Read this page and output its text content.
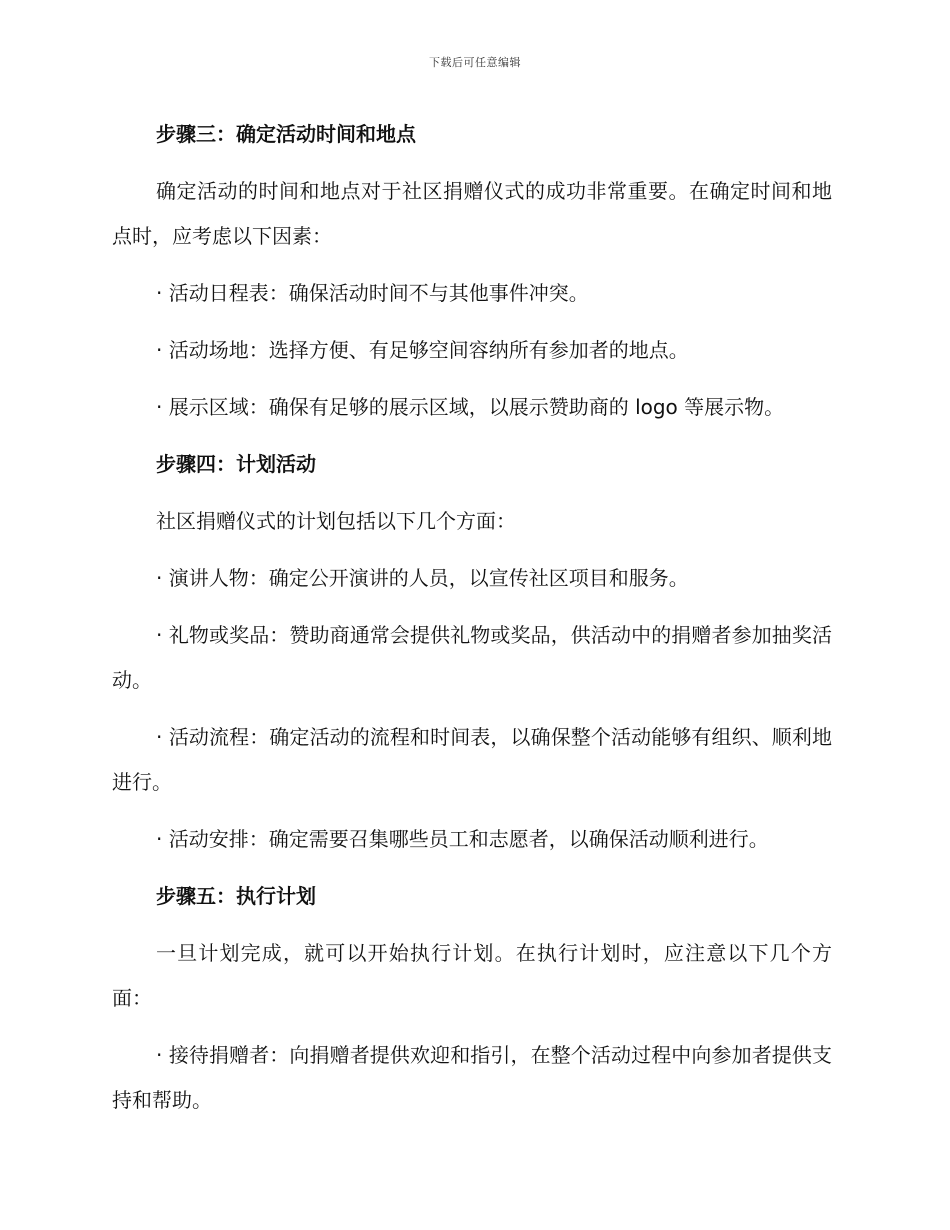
下载后可任意编辑

步骤三：确定活动时间和地点

确定活动的时间和地点对于社区捐赠仪式的成功非常重要。在确定时间和地点时，应考虑以下因素：

· 活动日程表：确保活动时间不与其他事件冲突。

· 活动场地：选择方便、有足够空间容纳所有参加者的地点。

· 展示区域：确保有足够的展示区域，以展示赞助商的 logo 等展示物。

步骤四：计划活动

社区捐赠仪式的计划包括以下几个方面：

· 演讲人物：确定公开演讲的人员，以宣传社区项目和服务。

· 礼物或奖品：赞助商通常会提供礼物或奖品，供活动中的捐赠者参加抽奖活动。

· 活动流程：确定活动的流程和时间表，以确保整个活动能够有组织、顺利地进行。

· 活动安排：确定需要召集哪些员工和志愿者，以确保活动顺利进行。

步骤五：执行计划

一旦计划完成，就可以开始执行计划。在执行计划时，应注意以下几个方面：

· 接待捐赠者：向捐赠者提供欢迎和指引，在整个活动过程中向参加者提供支持和帮助。
